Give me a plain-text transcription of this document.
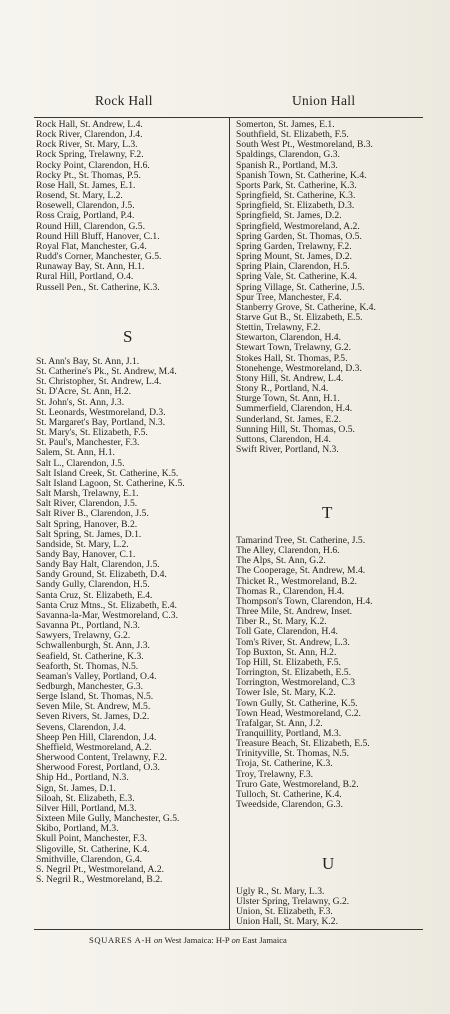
Rock Hall	Union Hall
Rock Hall, St. Andrew, L.4.
Rock River, Clarendon, J.4.
Rock River, St. Mary, L.3.
Rock Spring, Trelawny, F.2.
Rocky Point, Clarendon, H.6.
Rocky Pt., St. Thomas, P.5.
Rose Hall, St. James, E.1.
Rosend, St. Mary, L.2.
Rosewell, Clarendon, J.5.
Ross Craig, Portland, P.4.
Round Hill, Clarendon, G.5.
Round Hill Bluff, Hanover, C.1.
Royal Flat, Manchester, G.4.
Rudd's Corner, Manchester, G.5.
Runaway Bay, St. Ann, H.1.
Rural Hill, Portland, O.4.
Russell Pen., St. Catherine, K.3.
S
St. Ann's Bay, St. Ann, J.1.
St. Catherine's Pk., St. Andrew, M.4.
St. Christopher, St. Andrew, L.4.
St. D'Acre, St. Ann, H.2.
St. John's, St. Ann, J.3.
St. Leonards, Westmoreland, D.3.
St. Margaret's Bay, Portland, N.3.
St. Mary's, St. Elizabeth, F.5.
St. Paul's, Manchester, F.3.
Salem, St. Ann, H.1.
Salt L., Clarendon, J.5.
Salt Island Creek, St. Catherine, K.5.
Salt Island Lagoon, St. Catherine, K.5.
Salt Marsh, Trelawny, E.1.
Salt River, Clarendon, J.5.
Salt River B., Clarendon, J.5.
Salt Spring, Hanover, B.2.
Salt Spring, St. James, D.1.
Sandside, St. Mary, L.2.
Sandy Bay, Hanover, C.1.
Sandy Bay Halt, Clarendon, J.5.
Sandy Ground, St. Elizabeth, D.4.
Sandy Gully, Clarendon, H.5.
Santa Cruz, St. Elizabeth, E.4.
Santa Cruz Mtns., St. Elizabeth, E.4.
Savanna-la-Mar, Westmoreland, C.3.
Savanna Pt., Portland, N.3.
Sawyers, Trelawny, G.2.
Schwallenburgh, St. Ann, J.3.
Seafield, St. Catherine, K.3.
Seaforth, St. Thomas, N.5.
Seaman's Valley, Portland, O.4.
Sedburgh, Manchester, G.3.
Serge Island, St. Thomas, N.5.
Seven Mile, St. Andrew, M.5.
Seven Rivers, St. James, D.2.
Sevens, Clarendon, J.4.
Sheep Pen Hill, Clarendon, J.4.
Sheffield, Westmoreland, A.2.
Sherwood Content, Trelawny, F.2.
Sherwood Forest, Portland, O.3.
Ship Hd., Portland, N.3.
Sign, St. James, D.1.
Siloah, St. Elizabeth, E.3.
Silver Hill, Portland, M.3.
Sixteen Mile Gully, Manchester, G.5.
Skibo, Portland, M.3.
Skull Point, Manchester, F.3.
Sligoville, St. Catherine, K.4.
Smithville, Clarendon, G.4.
S. Negril Pt., Westmoreland, A.2.
S. Negril R., Westmoreland, B.2.
Somerton, St. James, E.1.
Southfield, St. Elizabeth, F.5.
South West Pt., Westmoreland, B.3.
Spaldings, Clarendon, G.3.
Spanish R., Portland, M.3.
Spanish Town, St. Catherine, K.4.
Sports Park, St. Catherine, K.3.
Springfield, St. Catherine, K.3.
Springfield, St. Elizabeth, D.3.
Springfield, St. James, D.2.
Springfield, Westmoreland, A.2.
Spring Garden, St. Thomas, O.5.
Spring Garden, Trelawny, F.2.
Spring Mount, St. James, D.2.
Spring Plain, Clarendon, H.5.
Spring Vale, St. Catherine, K.4.
Spring Village, St. Catherine, J.5.
Spur Tree, Manchester, F.4.
Stanberry Grove, St. Catherine, K.4.
Starve Gut B., St. Elizabeth, E.5.
Stettin, Trelawny, F.2.
Stewarton, Clarendon, H.4.
Stewart Town, Trelawny, G.2.
Stokes Hall, St. Thomas, P.5.
Stonehenge, Westmoreland, D.3.
Stony Hill, St. Andrew, L.4.
Stony R., Portland, N.4.
Sturge Town, St. Ann, H.1.
Summerfield, Clarendon, H.4.
Sunderland, St. James, E.2.
Sunning Hill, St. Thomas, O.5.
Suttons, Clarendon, H.4.
Swift River, Portland, N.3.
T
Tamarind Tree, St. Catherine, J.5.
The Alley, Clarendon, H.6.
The Alps, St. Ann, G.2.
The Cooperage, St. Andrew, M.4.
Thicket R., Westmoreland, B.2.
Thomas R., Clarendon, H.4.
Thompson's Town, Clarendon, H.4.
Three Mile, St. Andrew, Inset.
Tiber R., St. Mary, K.2.
Toll Gate, Clarendon, H.4.
Tom's River, St. Andrew, L.3.
Top Buxton, St. Ann, H.2.
Top Hill, St. Elizabeth, F.5.
Torrington, St. Elizabeth, E.5.
Torrington, Westmoreland, C.3
Tower Isle, St. Mary, K.2.
Town Gully, St. Catherine, K.5.
Town Head, Westmoreland, C.2.
Trafalgar, St. Ann, J.2.
Tranquillity, Portland, M.3.
Treasure Beach, St. Elizabeth, E.5.
Trinityville, St. Thomas, N.5.
Troja, St. Catherine, K.3.
Troy, Trelawny, F.3.
Truro Gate, Westmoreland, B.2.
Tulloch, St. Catherine, K.4.
Tweedside, Clarendon, G.3.
U
Ugly R., St. Mary, L.3.
Ulster Spring, Trelawny, G.2.
Union, St. Elizabeth, F.3.
Union Hall, St. Mary, K.2.
SQUARES A-H on West Jamaica: H-P on East Jamaica
